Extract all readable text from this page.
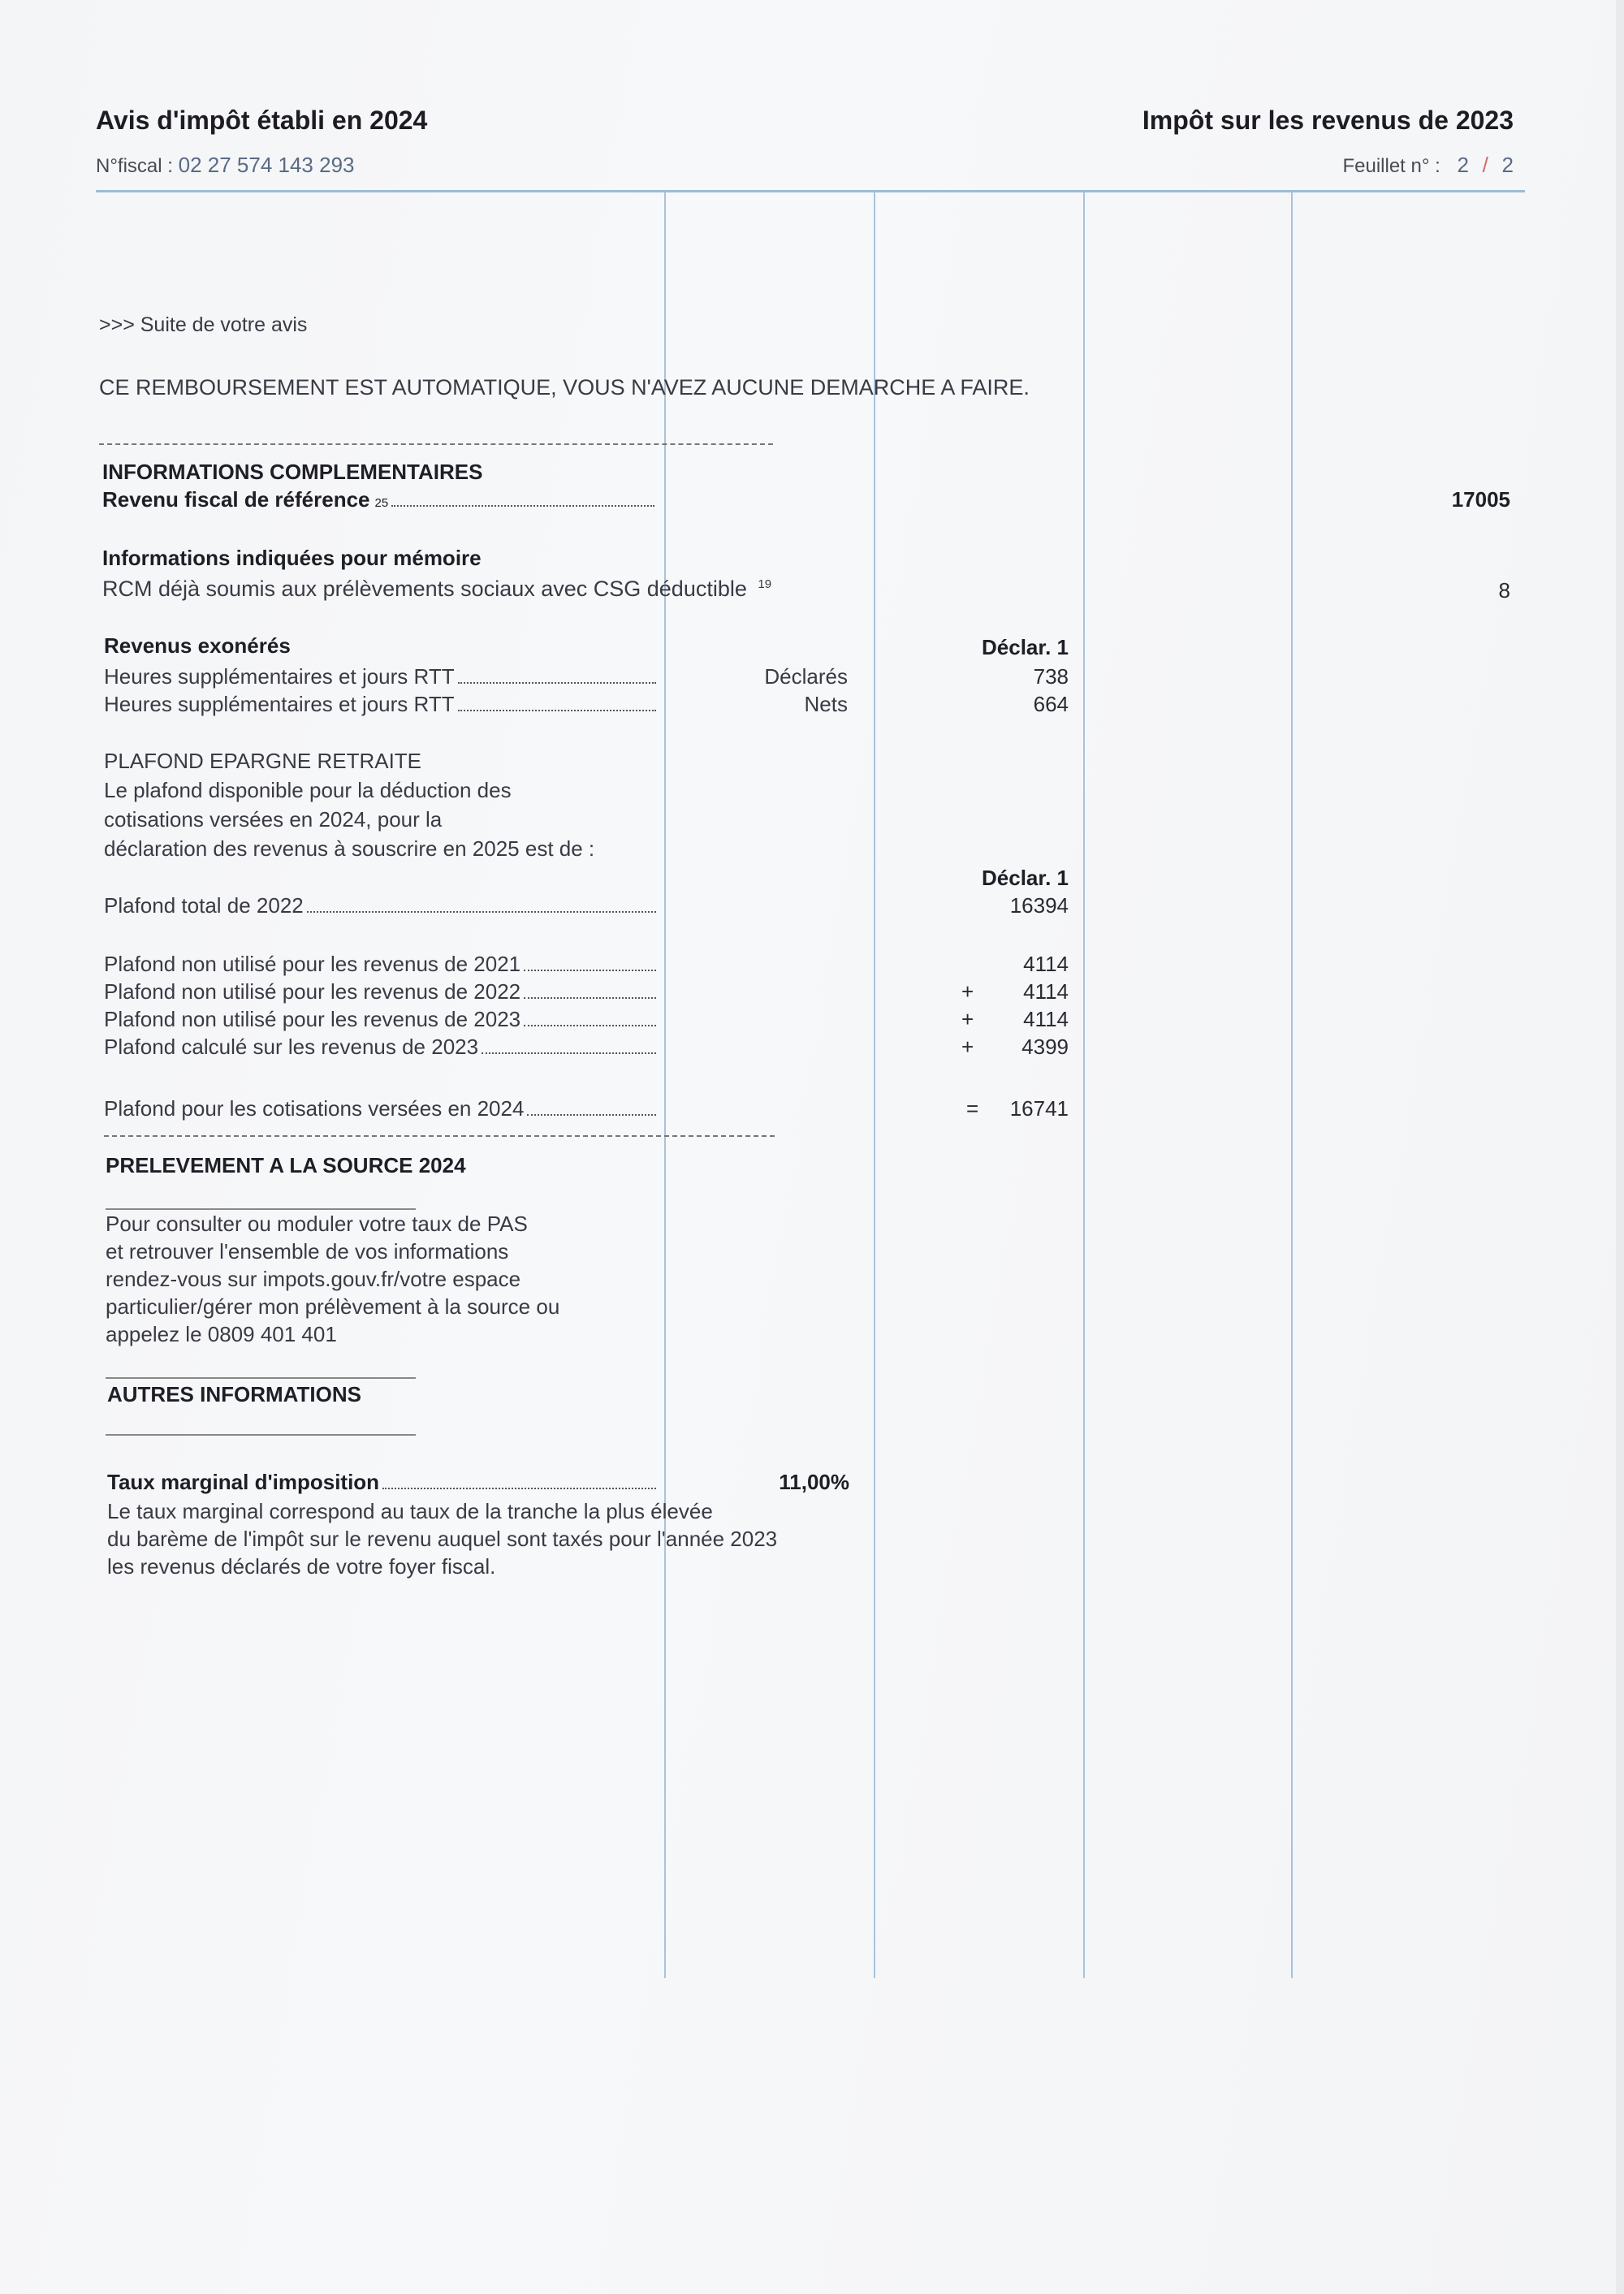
Avis d'impôt établi en 2024
N°fiscal : 02 27 574 143 293
Impôt sur les revenus de 2023
Feuillet n° : 2 / 2
>>> Suite de votre avis
CE REMBOURSEMENT EST AUTOMATIQUE, VOUS N'AVEZ AUCUNE DEMARCHE A FAIRE.
INFORMATIONS COMPLEMENTAIRES
Revenu fiscal de référence 25	17005
Informations indiquées pour mémoire
RCM déjà soumis aux prélèvements sociaux avec CSG déductible $^{19}$	8
Revenus exonérés	Déclar. 1
Heures supplémentaires et jours RTT	Déclarés	738
Heures supplémentaires et jours RTT	Nets	664
PLAFOND EPARGNE RETRAITE
Le plafond disponible pour la déduction des
cotisations versées en 2024, pour la
déclaration des revenus à souscrire en 2025 est de :
Déclar. 1
Plafond total de 2022	16394
Plafond non utilisé pour les revenus de 2021	4114
Plafond non utilisé pour les revenus de 2022	+ 4114
Plafond non utilisé pour les revenus de 2023	+ 4114
Plafond calculé sur les revenus de 2023	+ 4399
Plafond pour les cotisations versées en 2024	= 16741
PRELEVEMENT A LA SOURCE 2024
Pour consulter ou moduler votre taux de PAS
et retrouver l'ensemble de vos informations
rendez-vous sur impots.gouv.fr/votre espace
particulier/gérer mon prélèvement à la source ou
appelez le 0809 401 401
AUTRES INFORMATIONS
Taux marginal d'imposition	11,00%
Le taux marginal correspond au taux de la tranche la plus élevée
du barème de l'impôt sur le revenu auquel sont taxés pour l'année 2023
les revenus déclarés de votre foyer fiscal.
